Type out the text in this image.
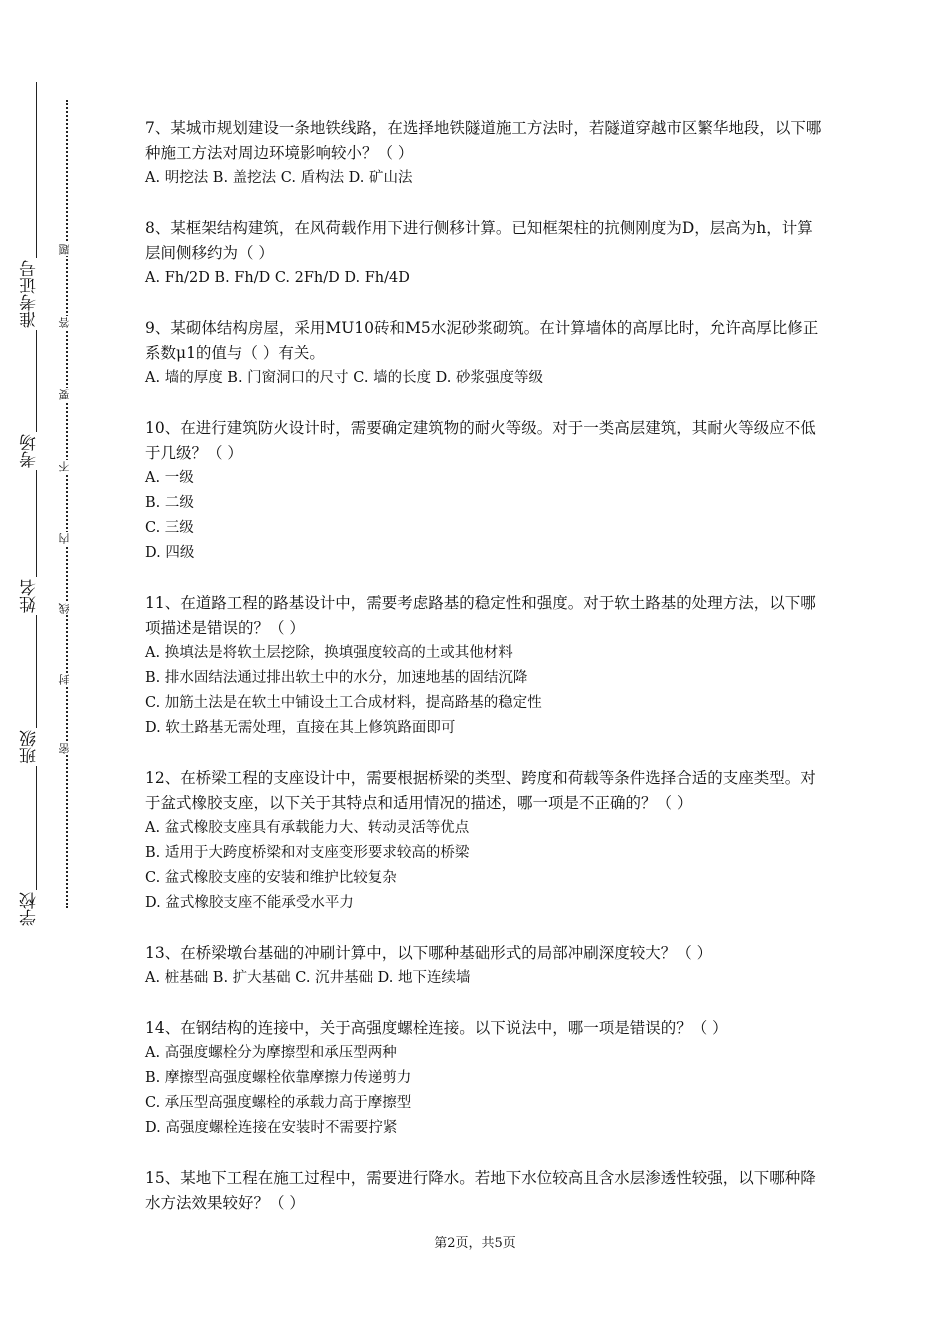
学校
班级
姓名
考场
准考证号
密
封
线
内
不
要
答
题

7、某城市规划建设一条地铁线路，在选择地铁隧道施工方法时，若隧道穿越市区繁华地段，以下哪种施工方法对周边环境影响较小？（ ）

A. 明挖法 B. 盖挖法 C. 盾构法 D. 矿山法

8、某框架结构建筑，在风荷载作用下进行侧移计算。已知框架柱的抗侧刚度为D，层高为h，计算层间侧移约为（ ）

A. Fh/2D B. Fh/D C. 2Fh/D D. Fh/4D

9、某砌体结构房屋，采用MU10砖和M5水泥砂浆砌筑。在计算墙体的高厚比时，允许高厚比修正系数μ1的值与（ ）有关。

A. 墙的厚度 B. 门窗洞口的尺寸 C. 墙的长度 D. 砂浆强度等级

10、在进行建筑防火设计时，需要确定建筑物的耐火等级。对于一类高层建筑，其耐火等级应不低于几级？（ ）

A. 一级

B. 二级

C. 三级

D. 四级

11、在道路工程的路基设计中，需要考虑路基的稳定性和强度。对于软土路基的处理方法，以下哪项描述是错误的？（ ）

A. 换填法是将软土层挖除，换填强度较高的土或其他材料

B. 排水固结法通过排出软土中的水分，加速地基的固结沉降

C. 加筋土法是在软土中铺设土工合成材料，提高路基的稳定性

D. 软土路基无需处理，直接在其上修筑路面即可

12、在桥梁工程的支座设计中，需要根据桥梁的类型、跨度和荷载等条件选择合适的支座类型。对于盆式橡胶支座，以下关于其特点和适用情况的描述，哪一项是不正确的？（ ）

A. 盆式橡胶支座具有承载能力大、转动灵活等优点

B. 适用于大跨度桥梁和对支座变形要求较高的桥梁

C. 盆式橡胶支座的安装和维护比较复杂

D. 盆式橡胶支座不能承受水平力

13、在桥梁墩台基础的冲刷计算中，以下哪种基础形式的局部冲刷深度较大？（ ）

A. 桩基础 B. 扩大基础 C. 沉井基础 D. 地下连续墙

14、在钢结构的连接中，关于高强度螺栓连接。以下说法中，哪一项是错误的？（ ）

A. 高强度螺栓分为摩擦型和承压型两种

B. 摩擦型高强度螺栓依靠摩擦力传递剪力

C. 承压型高强度螺栓的承载力高于摩擦型

D. 高强度螺栓连接在安装时不需要拧紧

15、某地下工程在施工过程中，需要进行降水。若地下水位较高且含水层渗透性较强，以下哪种降水方法效果较好？（ ）

第2页，共5页
